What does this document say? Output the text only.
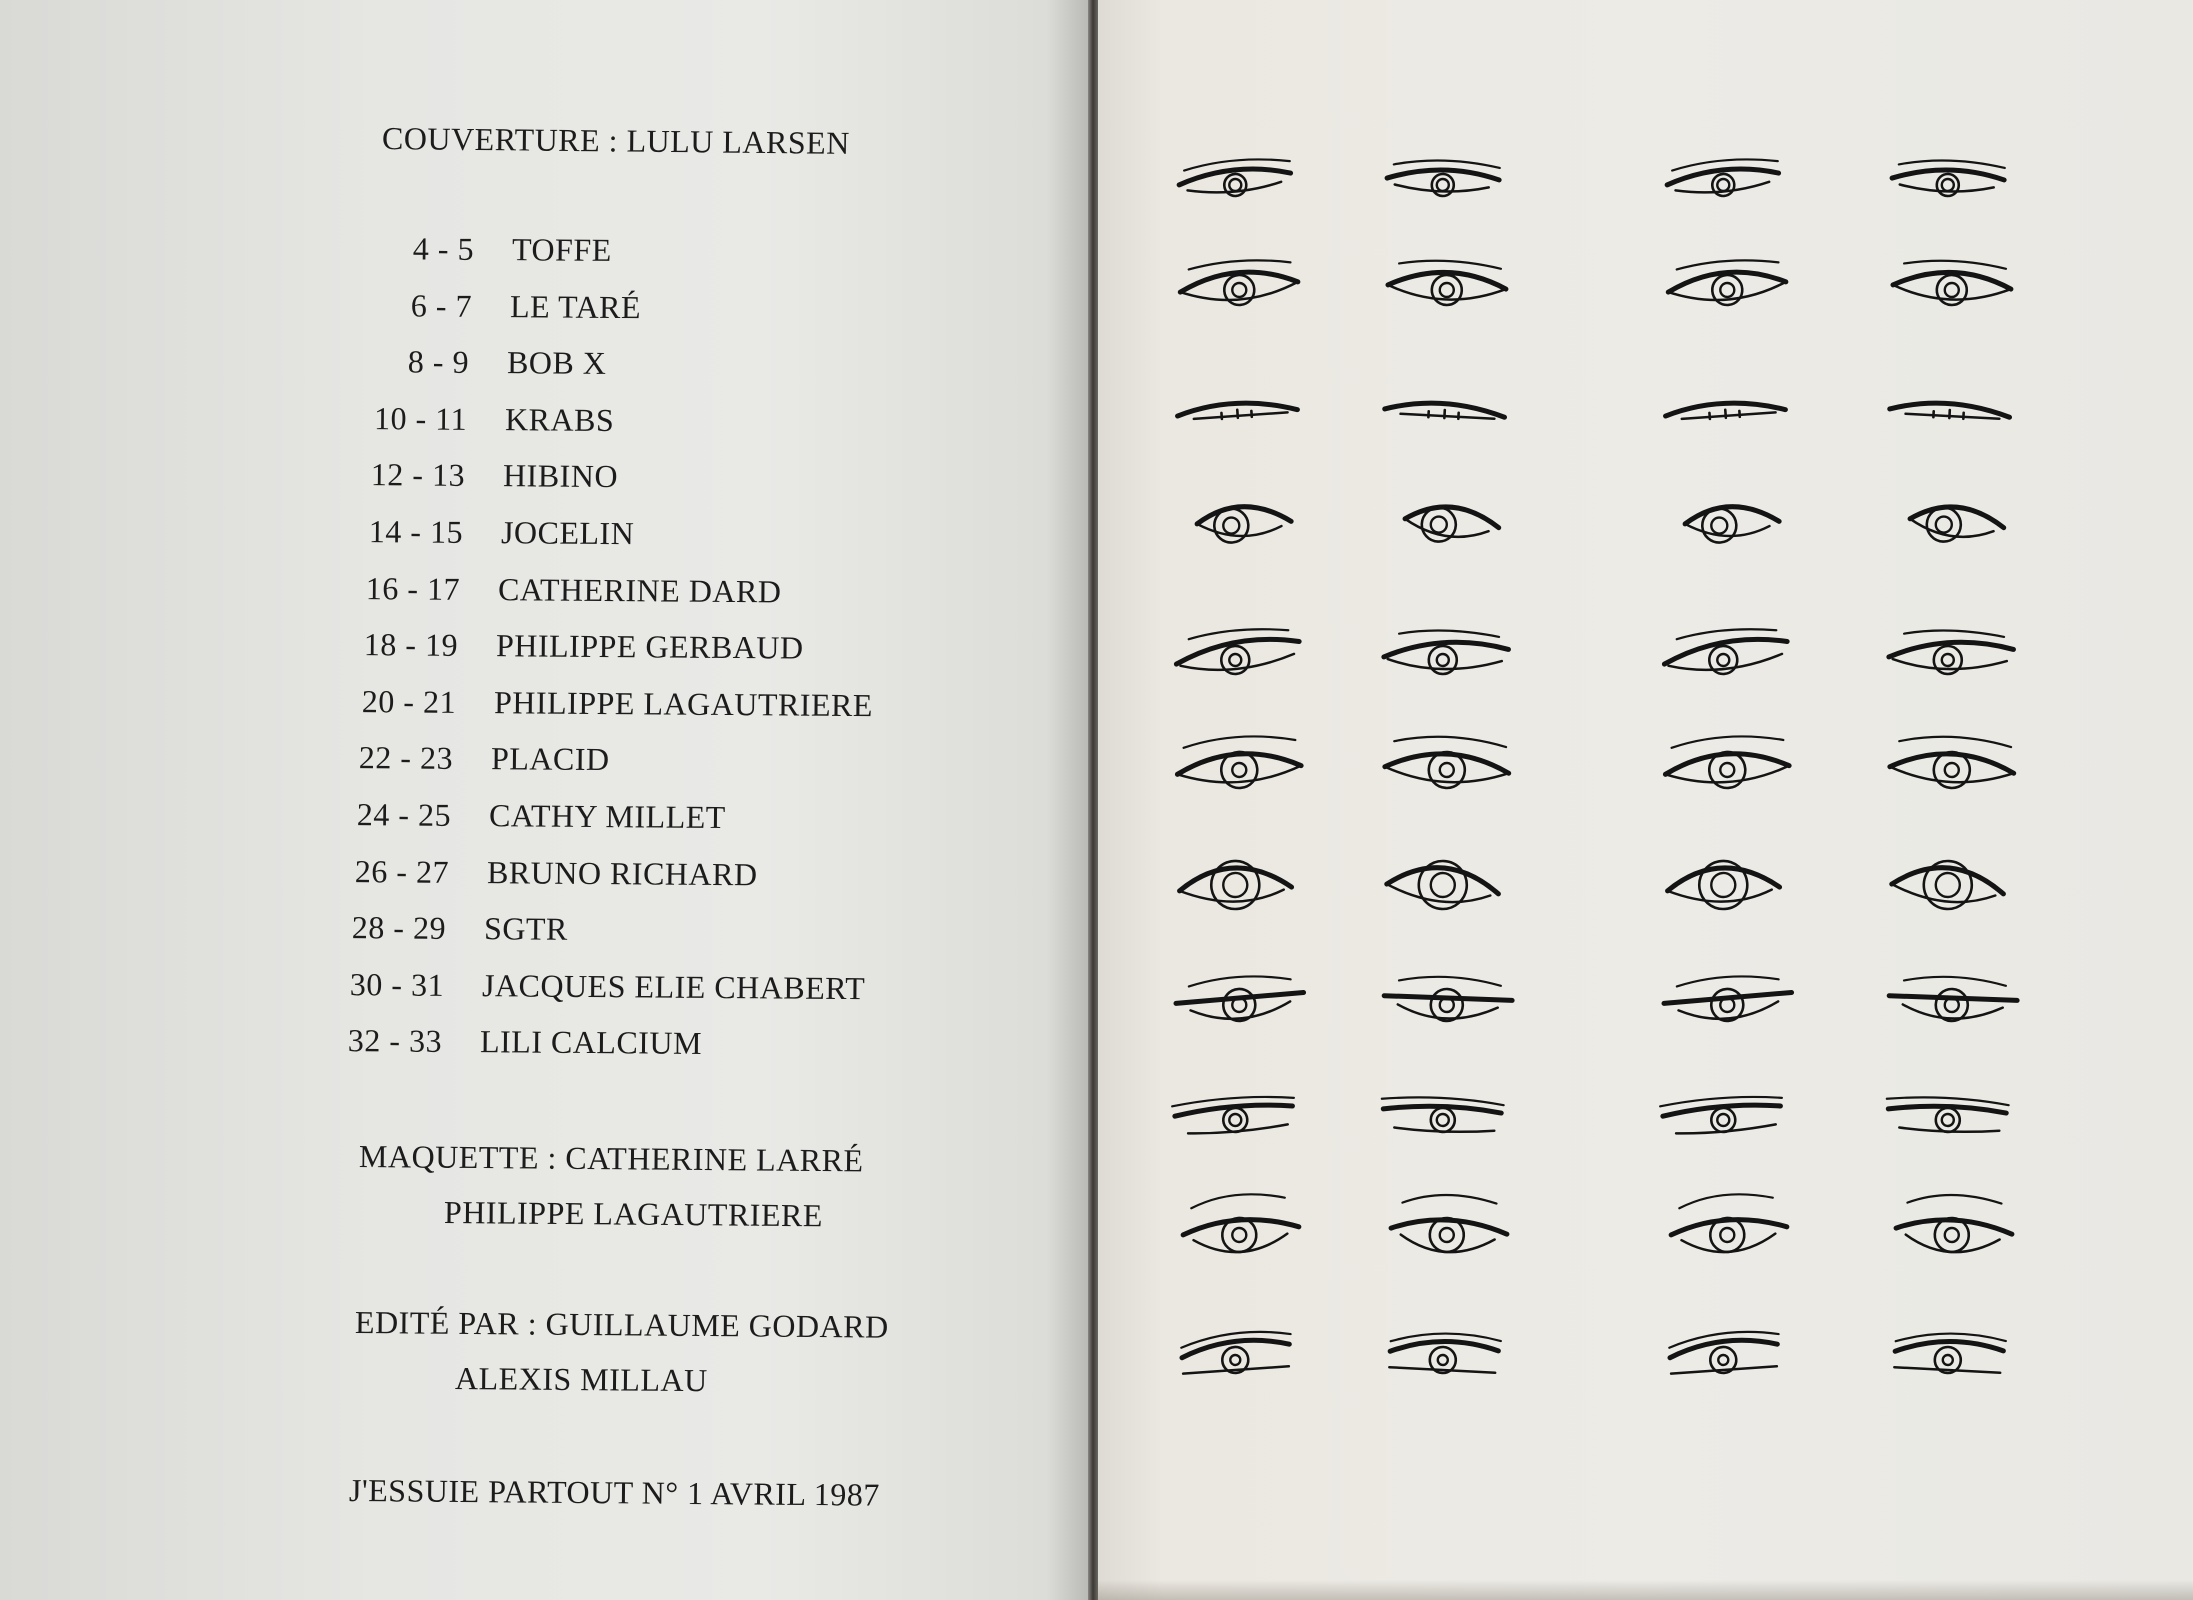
COUVERTURE : LULU LARSEN
4 - 5 TOFFE
6 - 7 LE TARÉ
8 - 9 BOB X
10 - 11 KRABS
12 - 13 HIBINO
14 - 15 JOCELIN
16 - 17 CATHERINE DARD
18 - 19 PHILIPPE GERBAUD
20 - 21 PHILIPPE LAGAUTRIERE
22 - 23 PLACID
24 - 25 CATHY MILLET
26 - 27 BRUNO RICHARD
28 - 29 SGTR
30 - 31 JACQUES ELIE CHABERT
32 - 33 LILI CALCIUM
MAQUETTE : CATHERINE LARRÉ
PHILIPPE LAGAUTRIERE
EDITÉ PAR : GUILLAUME GODARD
ALEXIS MILLAU
J'ESSUIE PARTOUT N° 1 AVRIL 1987
